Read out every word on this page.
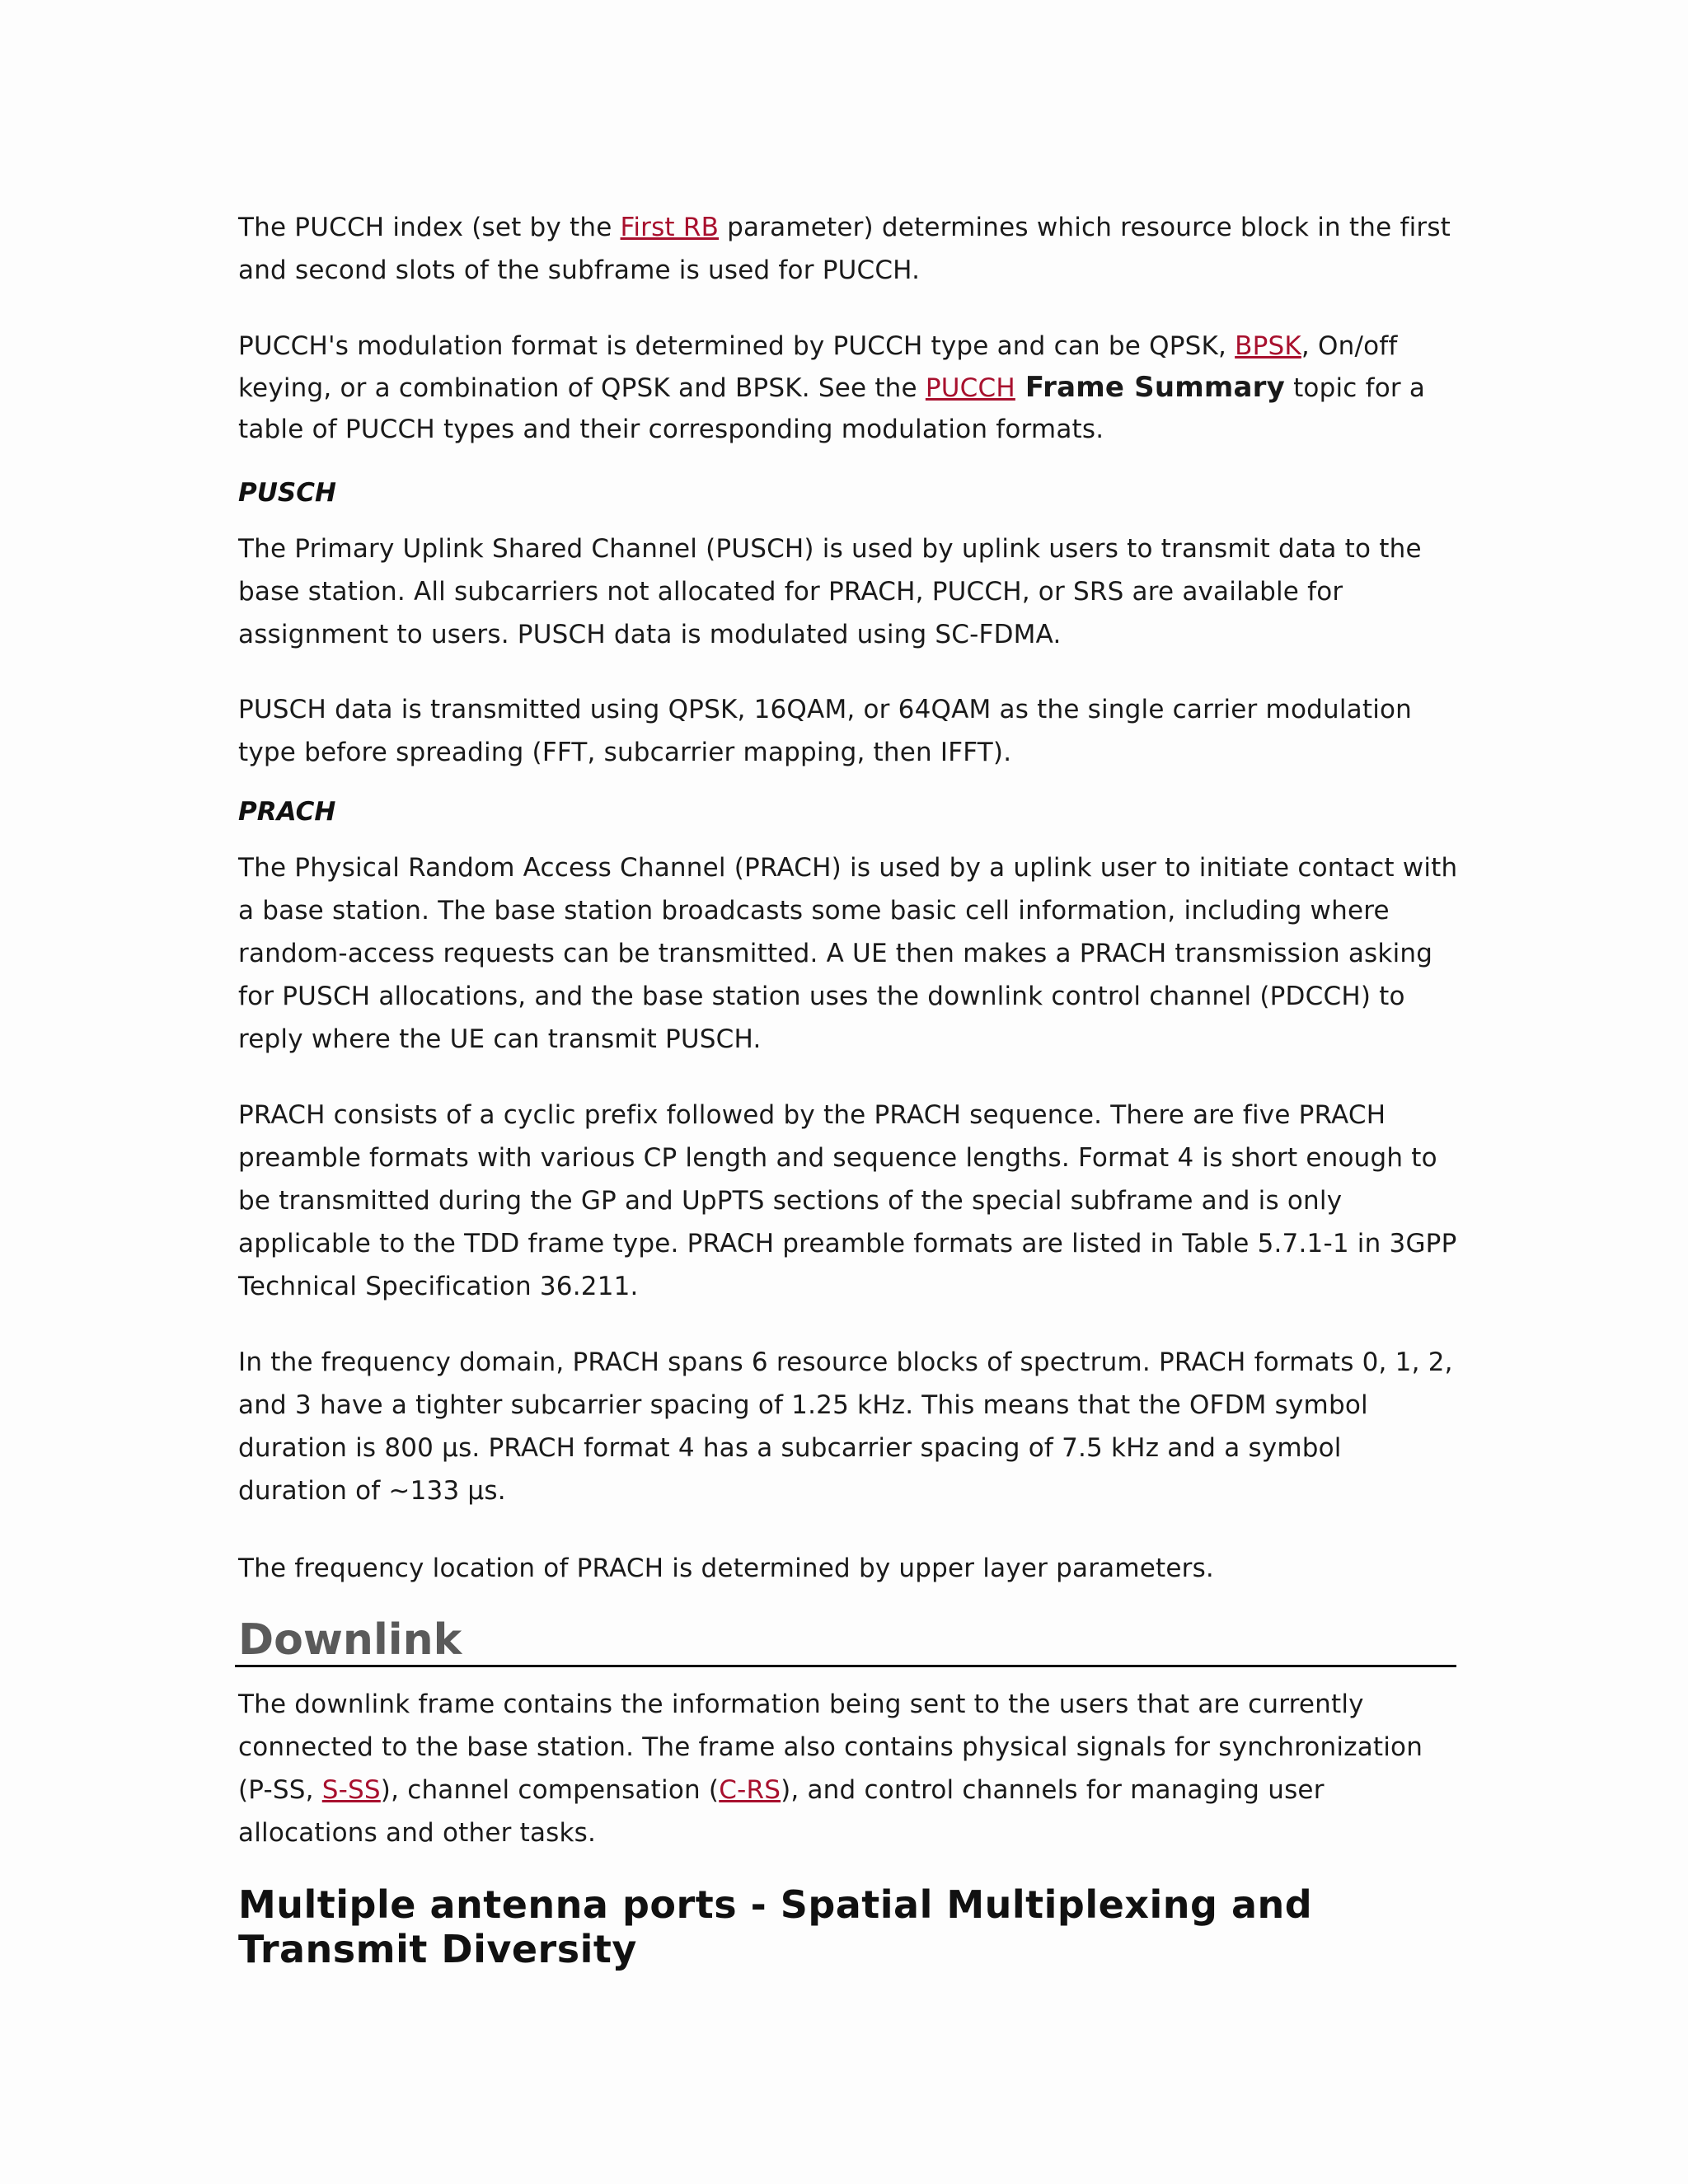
The PUCCH index (set by the First RB parameter) determines which resource block in the first and second slots of the subframe is used for PUCCH.

PUCCH's modulation format is determined by PUCCH type and can be QPSK, BPSK, On/off keying, or a combination of QPSK and BPSK. See the PUCCH Frame Summary topic for a table of PUCCH types and their corresponding modulation formats.

PUSCH

The Primary Uplink Shared Channel (PUSCH) is used by uplink users to transmit data to the base station. All subcarriers not allocated for PRACH, PUCCH, or SRS are available for assignment to users. PUSCH data is modulated using SC-FDMA.

PUSCH data is transmitted using QPSK, 16QAM, or 64QAM as the single carrier modulation type before spreading (FFT, subcarrier mapping, then IFFT).

PRACH

The Physical Random Access Channel (PRACH) is used by a uplink user to initiate contact with a base station. The base station broadcasts some basic cell information, including where random-access requests can be transmitted. A UE then makes a PRACH transmission asking for PUSCH allocations, and the base station uses the downlink control channel (PDCCH) to reply where the UE can transmit PUSCH.

PRACH consists of a cyclic prefix followed by the PRACH sequence. There are five PRACH preamble formats with various CP length and sequence lengths. Format 4 is short enough to be transmitted during the GP and UpPTS sections of the special subframe and is only applicable to the TDD frame type. PRACH preamble formats are listed in Table 5.7.1-1 in 3GPP Technical Specification 36.211.

In the frequency domain, PRACH spans 6 resource blocks of spectrum. PRACH formats 0, 1, 2, and 3 have a tighter subcarrier spacing of 1.25 kHz. This means that the OFDM symbol duration is 800 μs. PRACH format 4 has a subcarrier spacing of 7.5 kHz and a symbol duration of ~133 μs.

The frequency location of PRACH is determined by upper layer parameters.

Downlink

The downlink frame contains the information being sent to the users that are currently connected to the base station. The frame also contains physical signals for synchronization (P-SS, S-SS), channel compensation (C-RS), and control channels for managing user allocations and other tasks.

Multiple antenna ports - Spatial Multiplexing and Transmit Diversity
